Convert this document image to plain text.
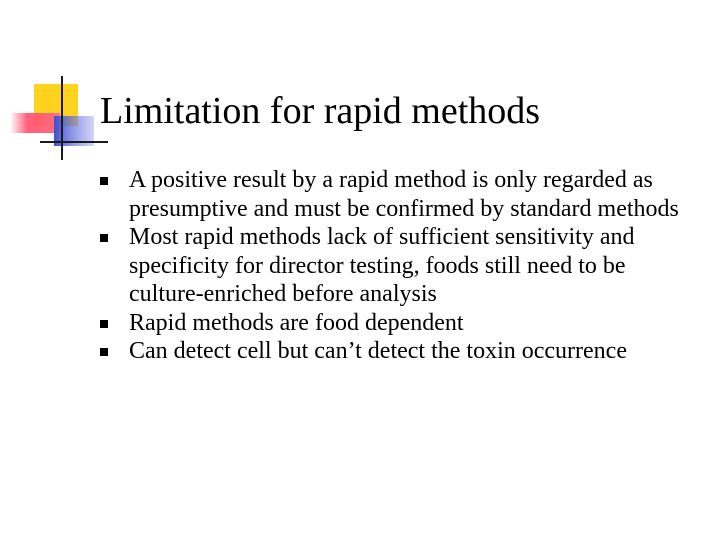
Limitation for rapid methods
A positive result by a rapid method is only regarded as presumptive and must be confirmed by standard methods
Most rapid methods lack of sufficient sensitivity and specificity for director testing, foods still need to be culture-enriched before analysis
Rapid methods are food dependent
Can detect cell but can’t detect the toxin occurrence
